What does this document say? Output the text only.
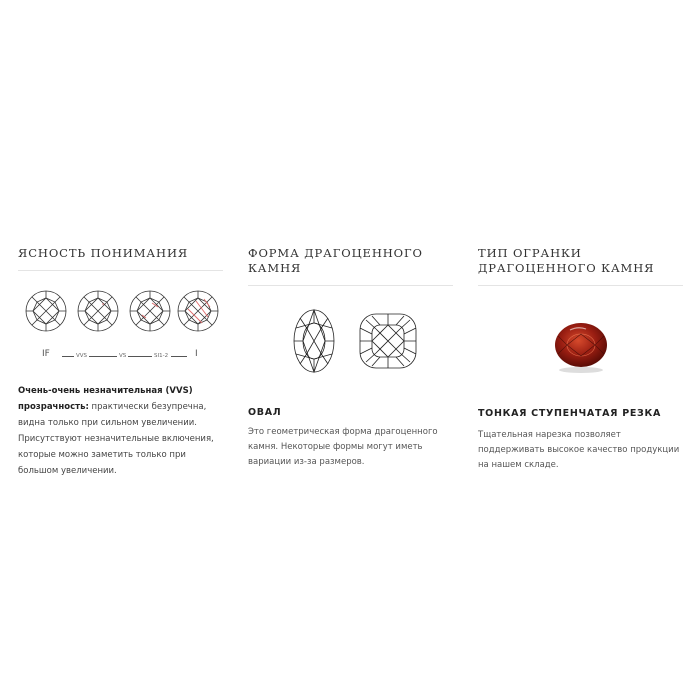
ЯСНОСТЬ ПОНИМАНИЯ
IF	VVS	VS	SI1-2	I
Очень-очень незначительная (VVS) прозрачность: практически безупречна, видна только при сильном увеличении. Присутствуют незначительные включения, которые можно заметить только при большом увеличении.
ФОРМА ДРАГОЦЕННОГО КАМНЯ
ОВАЛ
Это геометрическая форма драгоценного камня. Некоторые формы могут иметь вариации из-за размеров.
ТИП ОГРАНКИ ДРАГОЦЕННОГО КАМНЯ
ТОНКАЯ СТУПЕНЧАТАЯ РЕЗКА
Тщательная нарезка позволяет поддерживать высокое качество продукции на нашем складе.
